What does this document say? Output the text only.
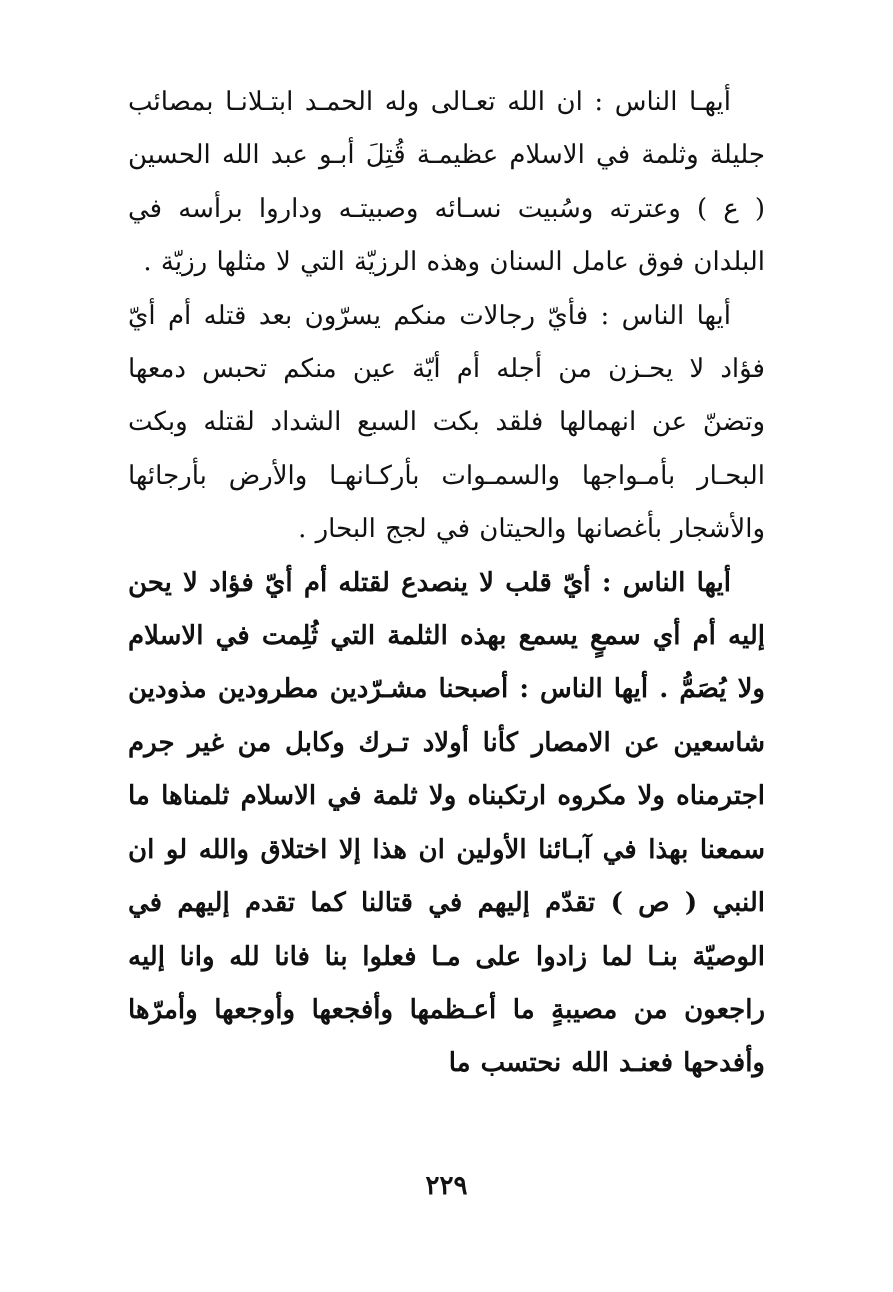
أيهـا الناس : ان الله تعـالى وله الحمـد ابتـلانـا بمصائب جليلة وثلمة في الاسلام عظيمـة قُتِلَ أبـو عبد الله الحسين ( ع ) وعترته وسُبيت نسـائه وصبيتـه وداروا برأسه في البلدان فوق عامل السنان وهذه الرزيّة التي لا مثلها رزيّة .

أيها الناس : فأيّ رجالات منكم يسرّون بعد قتله أم أيّ فؤاد لا يحـزن من أجله أم أيّة عين منكم تحبس دمعها وتضنّ عن انهمالها فلقد بكت السبع الشداد لقتله وبكت البحـار بأمـواجها والسمـوات بأركـانهـا والأرض بأرجائها والأشجار بأغصانها والحيتان في لجج البحار .

أيها الناس : أيّ قلب لا ينصدع لقتله أم أيّ فؤاد لا يحن إليه أم أي سمعٍ يسمع بهذه الثلمة التي ثُلِمت في الاسلام ولا يُصَمُّ . أيها الناس : أصبحنا مشـرّدين مطرودين مذودين شاسعين عن الامصار كأنا أولاد تـرك وكابل من غير جرم اجترمناه ولا مكروه ارتكبناه ولا ثلمة في الاسلام ثلمناها ما سمعنا بهذا في آبـائنا الأولين ان هذا إلا اختلاق والله لو ان النبي ( ص ) تقدّم إليهم في قتالنا كما تقدم إليهم في الوصيّة بنـا لما زادوا على مـا فعلوا بنا فانا لله وانا إليه راجعون من مصيبةٍ ما أعـظمها وأفجعها وأوجعها وأمرّها وأفدحها فعنـد الله نحتسب ما

٢٢٩
